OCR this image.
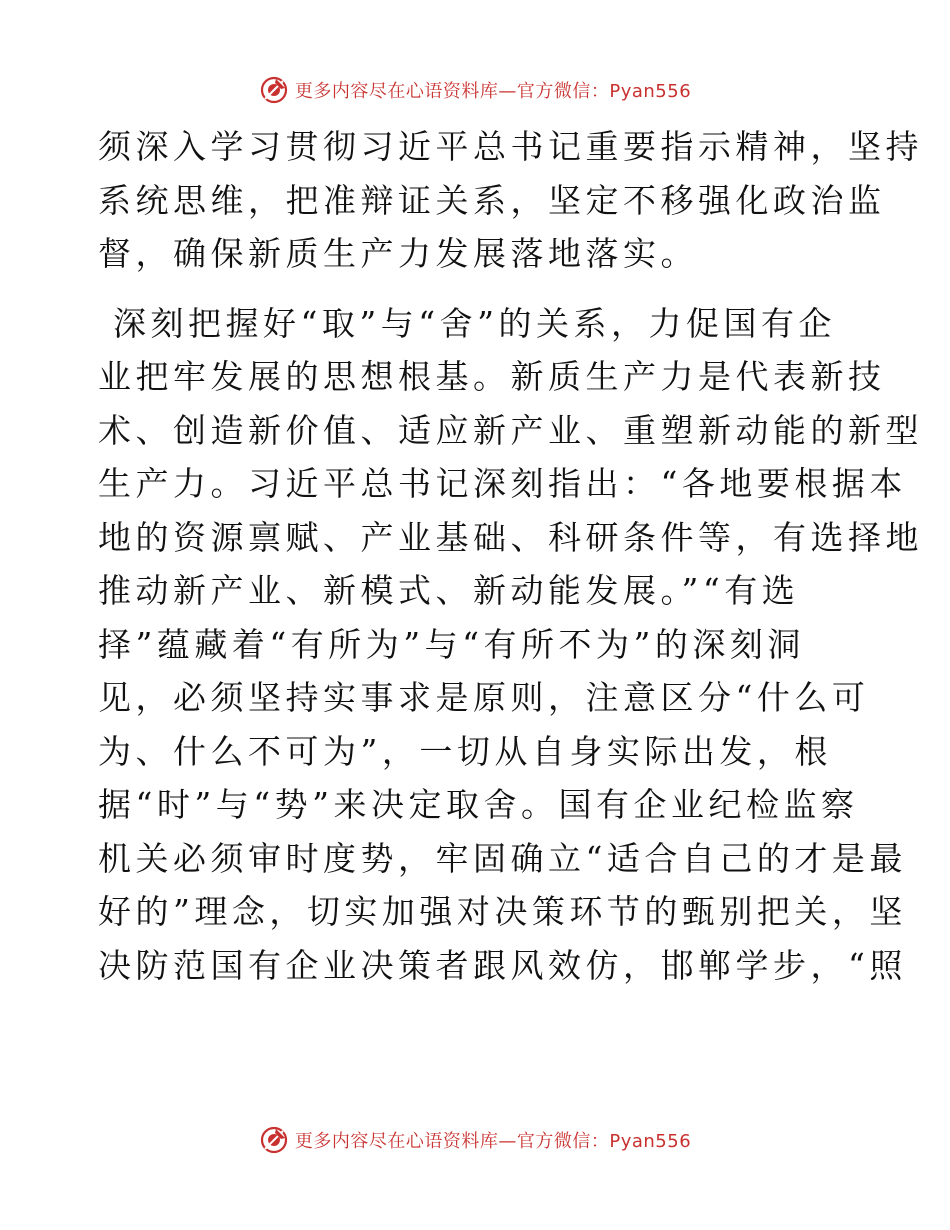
更多内容尽在心语资料库—官方微信：Pyan556
须深入学习贯彻习近平总书记重要指示精神，坚持
系统思维，把准辩证关系，坚定不移强化政治监
督，确保新质生产力发展落地落实。
深刻把握好“取”与“舍”的关系，力促国有企
业把牢发展的思想根基。新质生产力是代表新技
术、创造新价值、适应新产业、重塑新动能的新型
生产力。习近平总书记深刻指出：“各地要根据本
地的资源禀赋、产业基础、科研条件等，有选择地
推动新产业、新模式、新动能发展。”“有选
择”蕴藏着“有所为”与“有所不为”的深刻洞
见，必须坚持实事求是原则，注意区分“什么可
为、什么不可为”，一切从自身实际出发，根
据“时”与“势”来决定取舍。国有企业纪检监察
机关必须审时度势，牢固确立“适合自己的才是最
好的”理念，切实加强对决策环节的甄别把关，坚
决防范国有企业决策者跟风效仿，邯郸学步，“照
更多内容尽在心语资料库—官方微信：Pyan556
